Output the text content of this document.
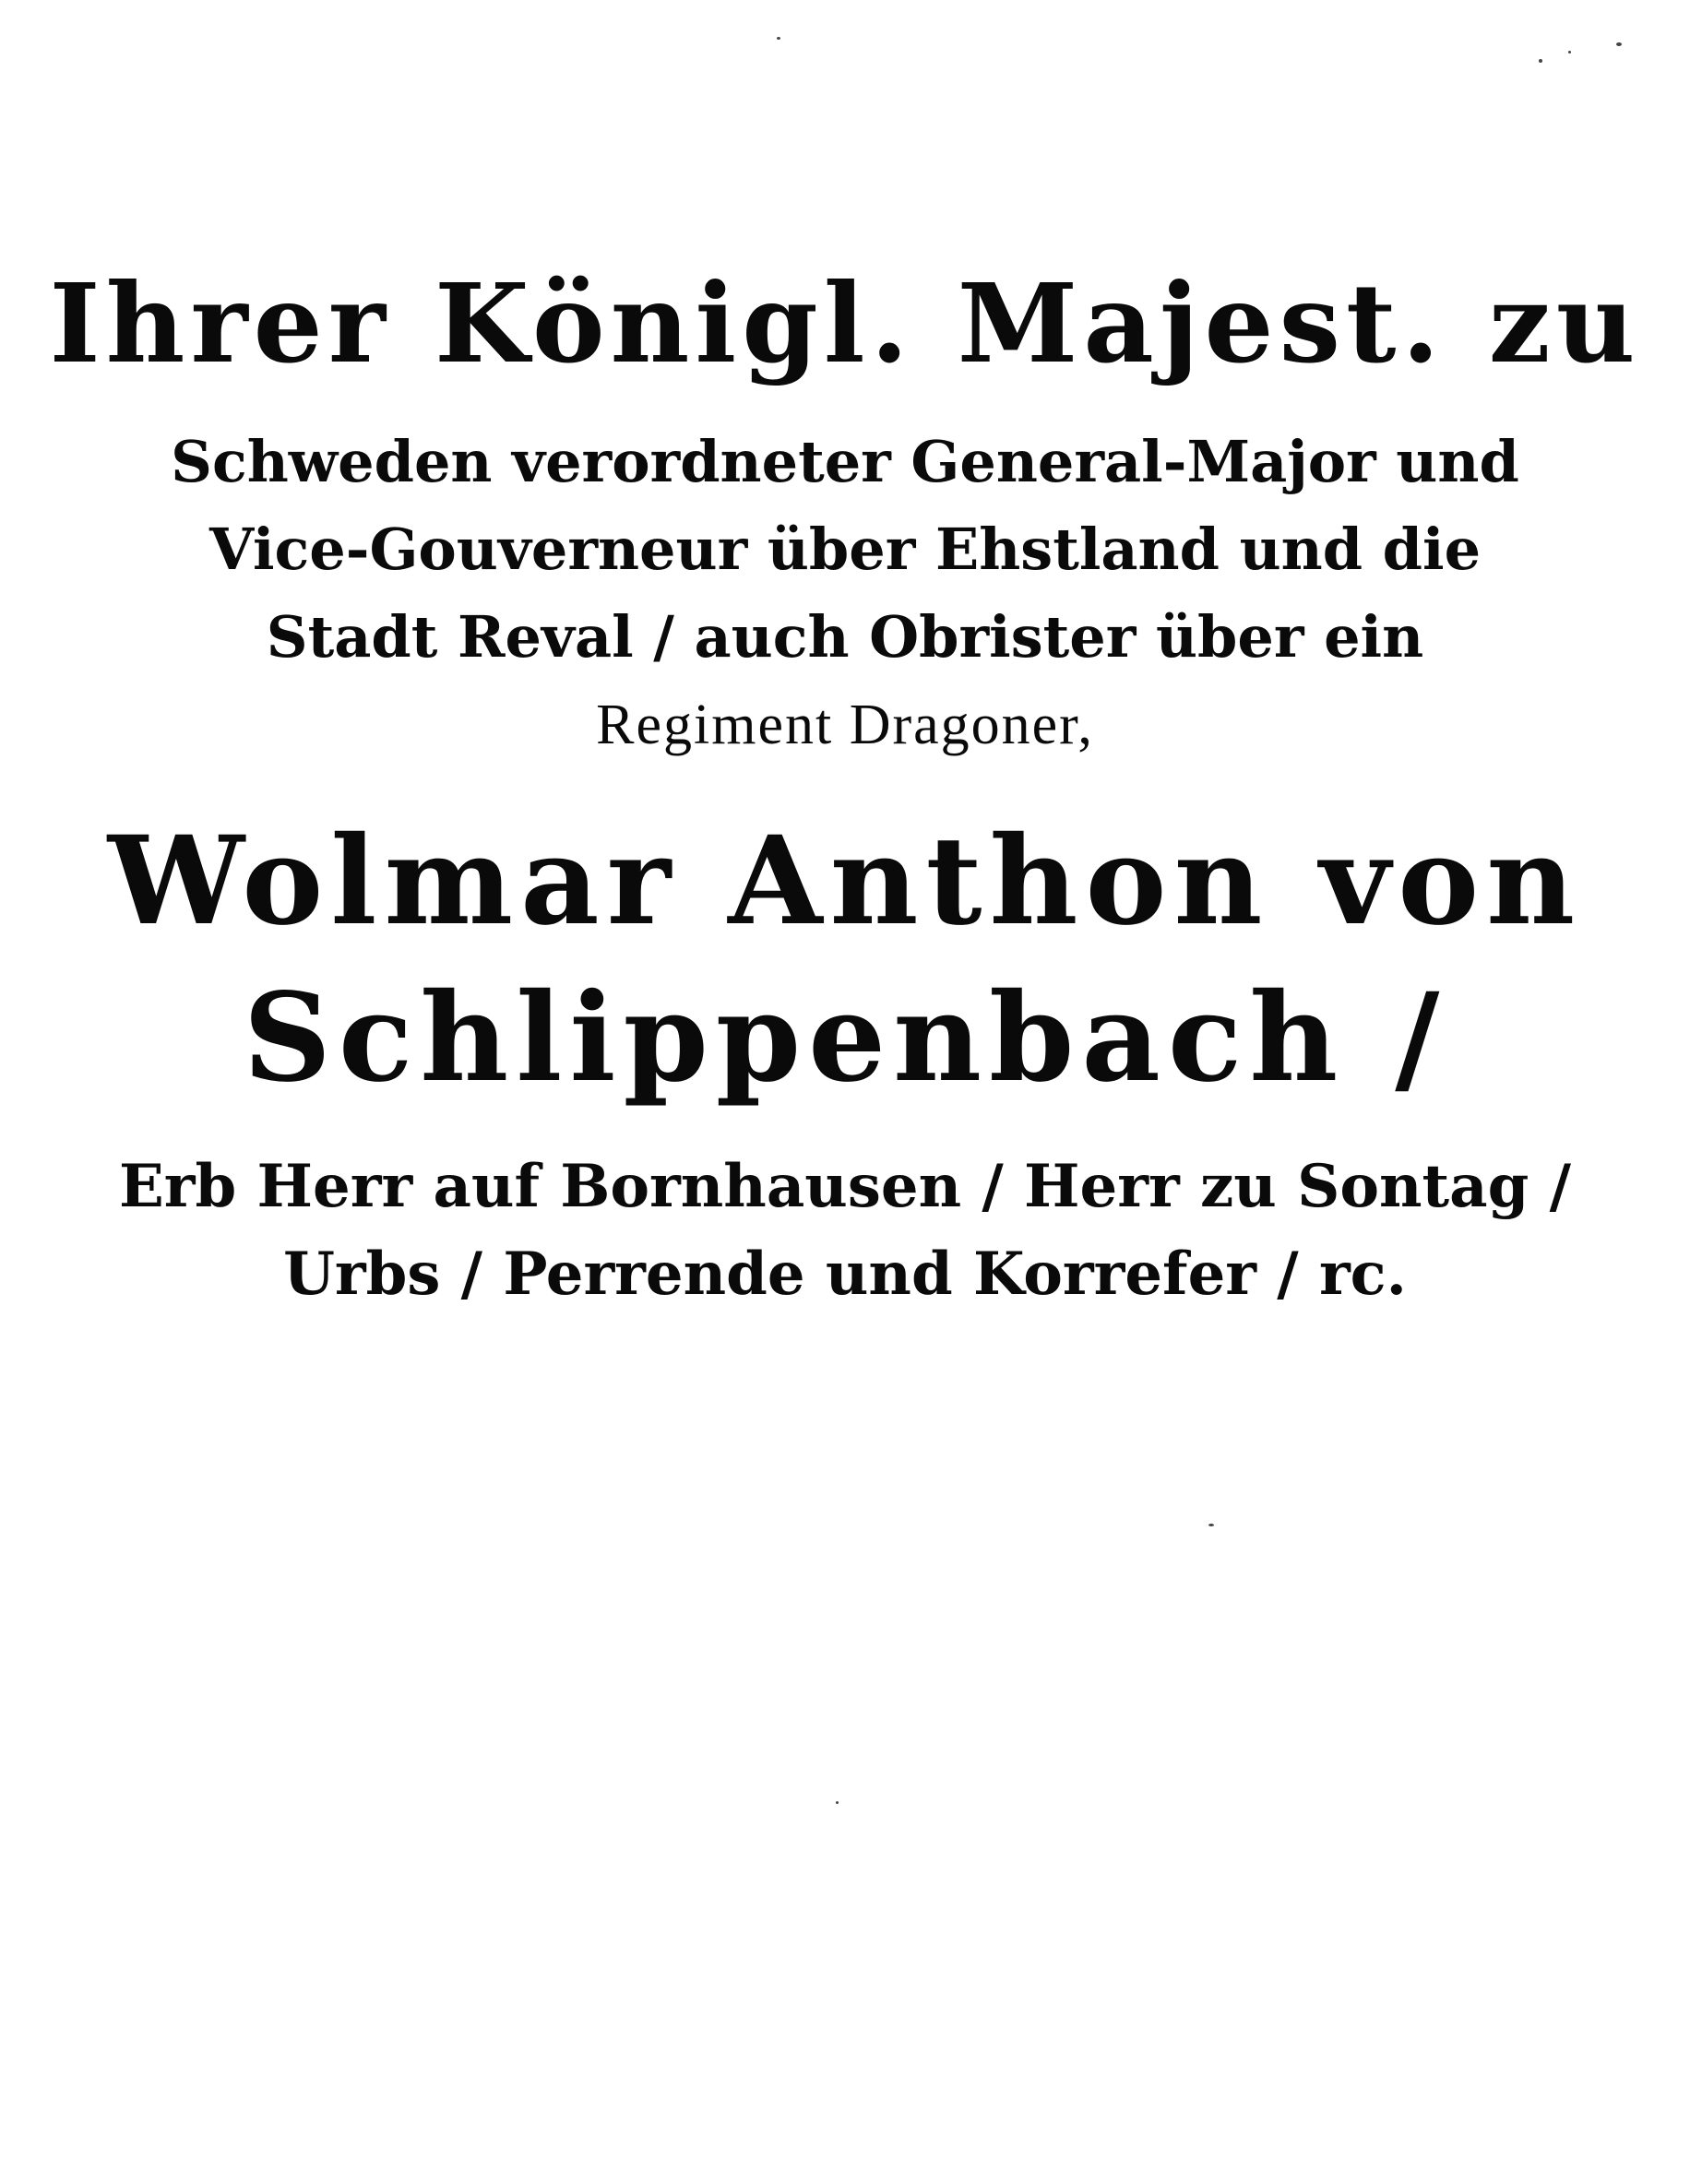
Ihrer Königl. Majest. zu
Schweden verordneter General-Major und
Vice-Gouverneur über Ehstland und die
Stadt Reval / auch Obrister über ein
Regiment Dragoner,
Wolmar Anthon von
Schlippenbach /
Erb Herr auf Bornhausen / Herr zu Sontag /
Urbs / Perrende und Korrefer / rc.
